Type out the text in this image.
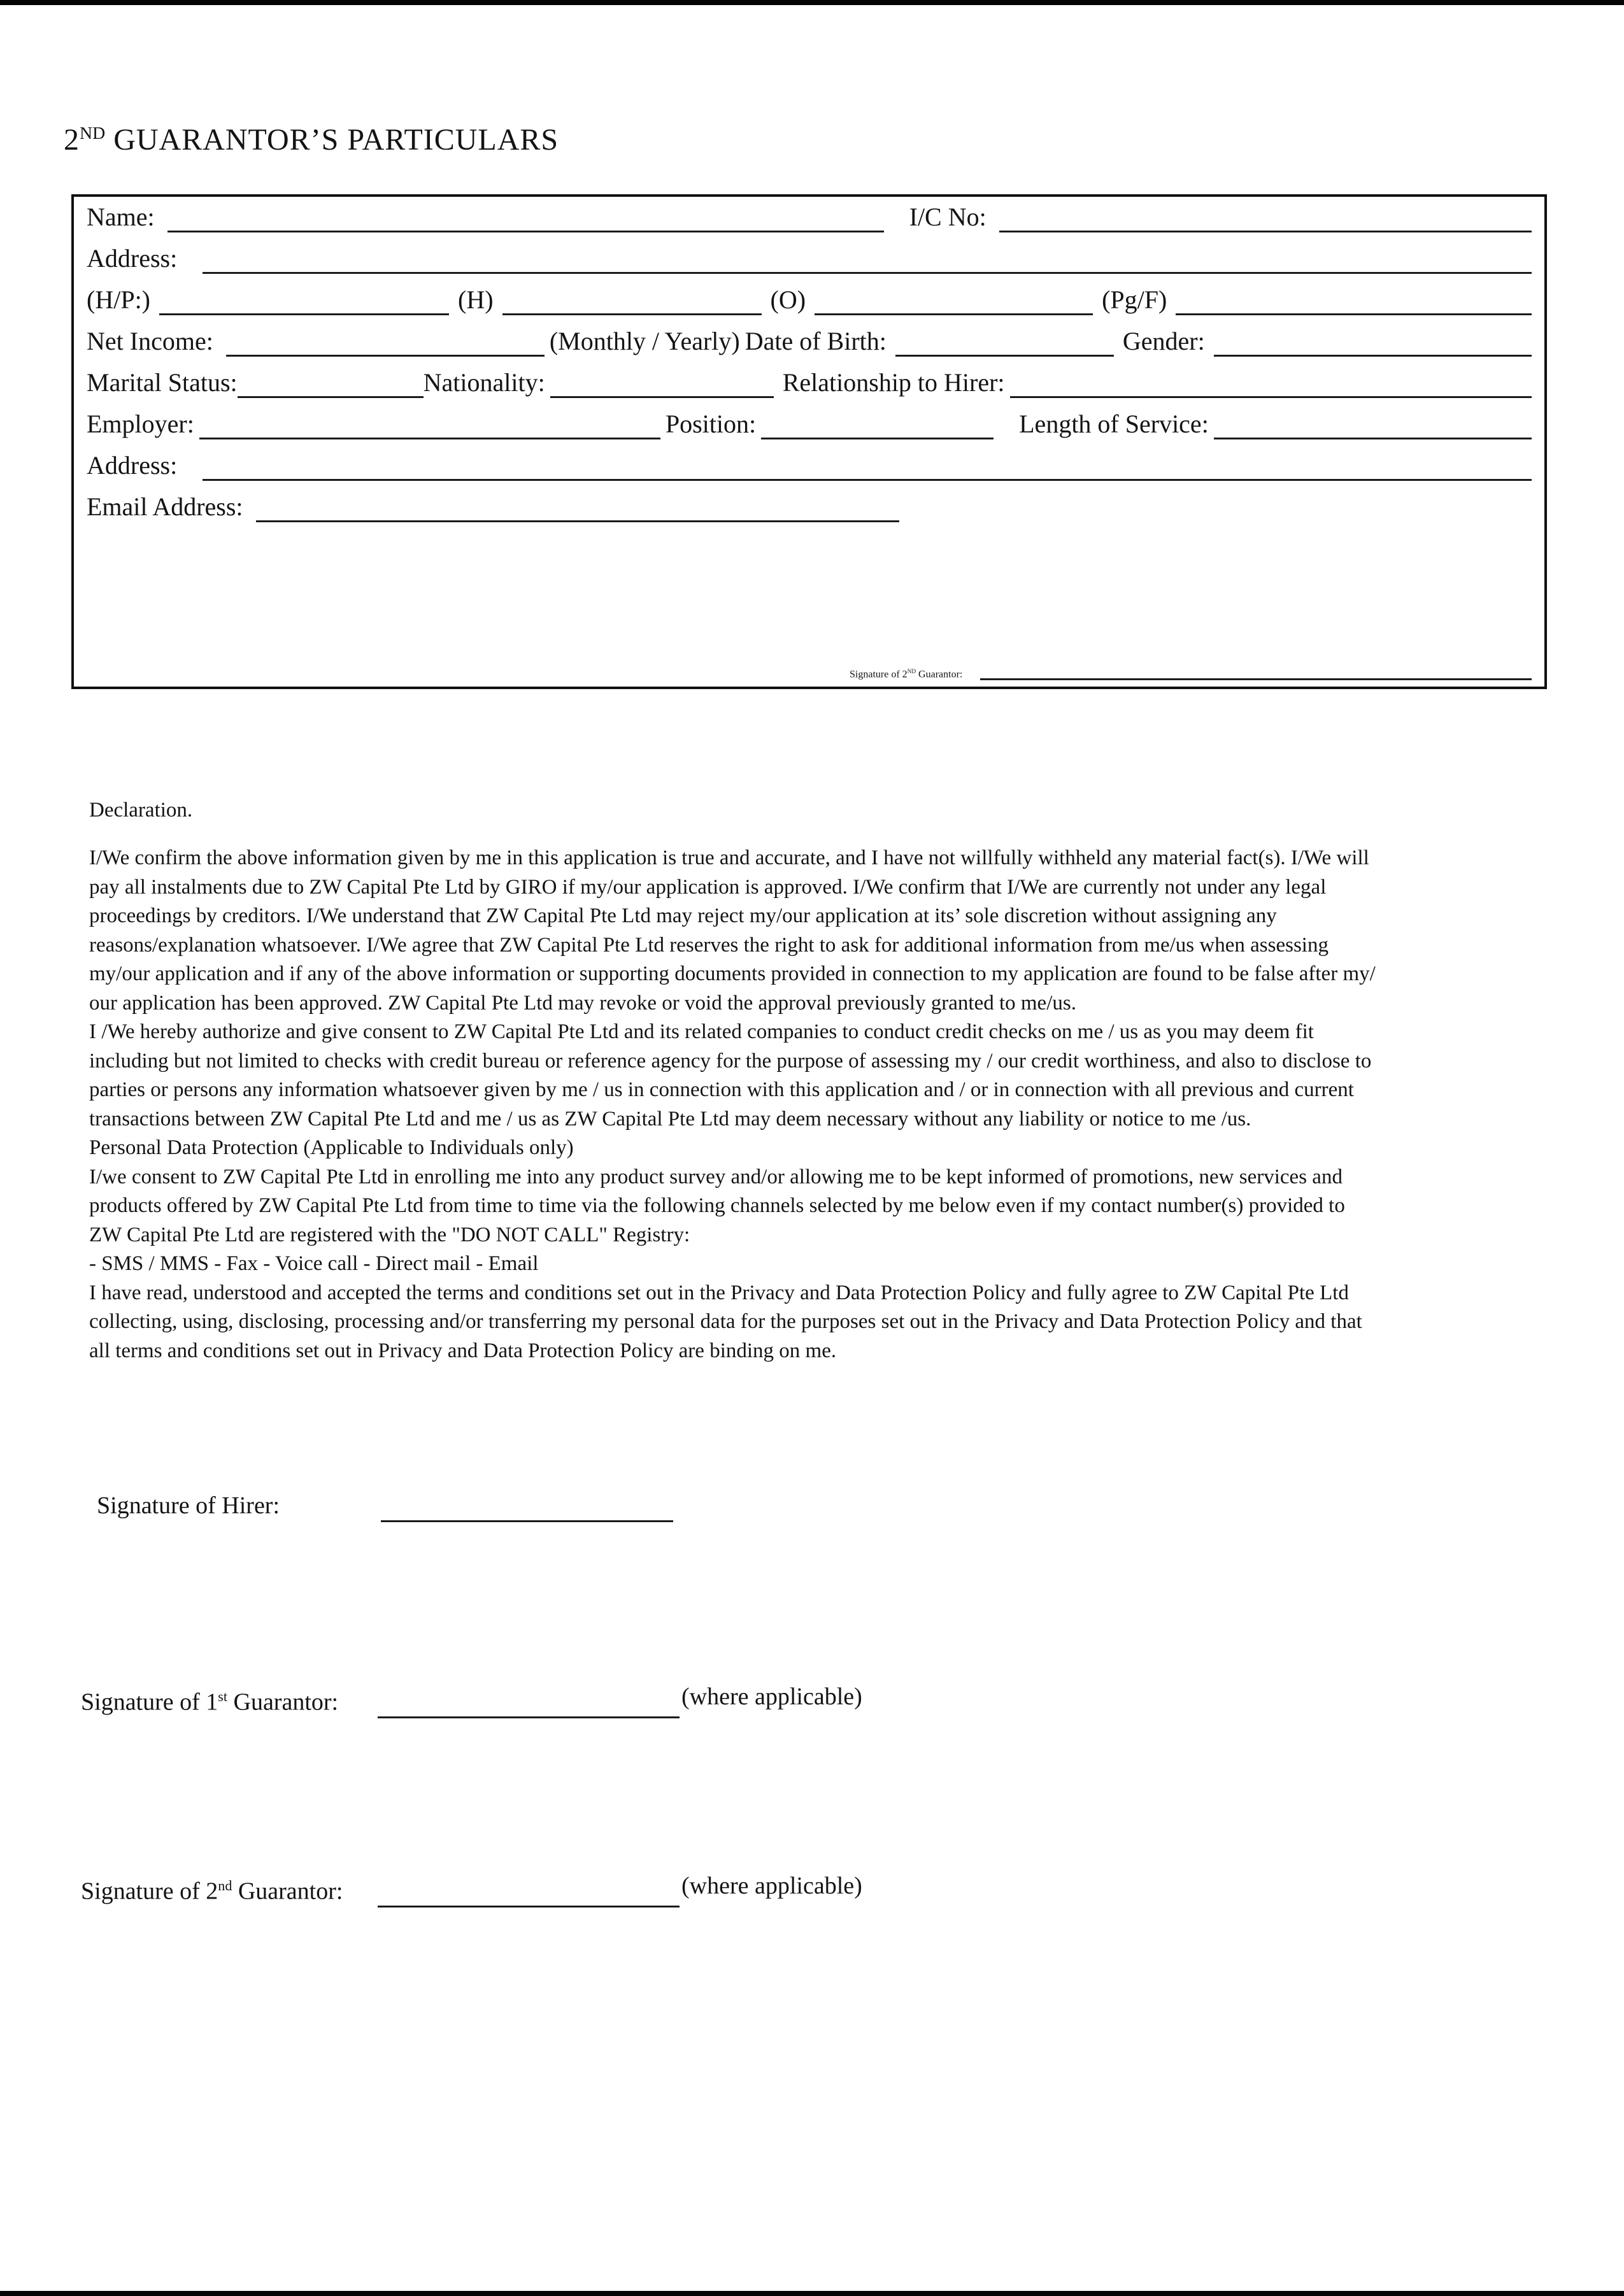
2ND GUARANTOR’S PARTICULARS
Name:	I/C No:
Address:
(H/P:)	(H)	(O)	(Pg/F)
Net Income:	(Monthly / Yearly) Date of Birth:	Gender:
Marital Status:	Nationality:	Relationship to Hirer:
Employer:	Position:	Length of Service:
Address:
Email Address:
Signature of 2ND Guarantor:
Declaration.
I/We confirm the above information given by me in this application is true and accurate, and I have not willfully withheld any material fact(s). I/We will
pay all instalments due to ZW Capital Pte Ltd by GIRO if my/our application is approved. I/We confirm that I/We are currently not under any legal
proceedings by creditors. I/We understand that ZW Capital Pte Ltd may reject my/our application at its’ sole discretion without assigning any
reasons/explanation whatsoever. I/We agree that ZW Capital Pte Ltd reserves the right to ask for additional information from me/us when assessing
my/our application and if any of the above information or supporting documents provided in connection to my application are found to be false after my/
our application has been approved. ZW Capital Pte Ltd may revoke or void the approval previously granted to me/us.
I /We hereby authorize and give consent to ZW Capital Pte Ltd and its related companies to conduct credit checks on me / us as you may deem fit
including but not limited to checks with credit bureau or reference agency for the purpose of assessing my / our credit worthiness, and also to disclose to
parties or persons any information whatsoever given by me / us in connection with this application and / or in connection with all previous and current
transactions between ZW Capital Pte Ltd and me / us as ZW Capital Pte Ltd may deem necessary without any liability or notice to me /us.
Personal Data Protection (Applicable to Individuals only)
I/we consent to ZW Capital Pte Ltd in enrolling me into any product survey and/or allowing me to be kept informed of promotions, new services and
products offered by ZW Capital Pte Ltd from time to time via the following channels selected by me below even if my contact number(s) provided to
ZW Capital Pte Ltd are registered with the "DO NOT CALL" Registry:
- SMS / MMS - Fax - Voice call - Direct mail - Email
I have read, understood and accepted the terms and conditions set out in the Privacy and Data Protection Policy and fully agree to ZW Capital Pte Ltd
collecting, using, disclosing, processing and/or transferring my personal data for the purposes set out in the Privacy and Data Protection Policy and that
all terms and conditions set out in Privacy and Data Protection Policy are binding on me.
Signature of Hirer:
Signature of 1st Guarantor:	(where applicable)
Signature of 2nd Guarantor:	(where applicable)
